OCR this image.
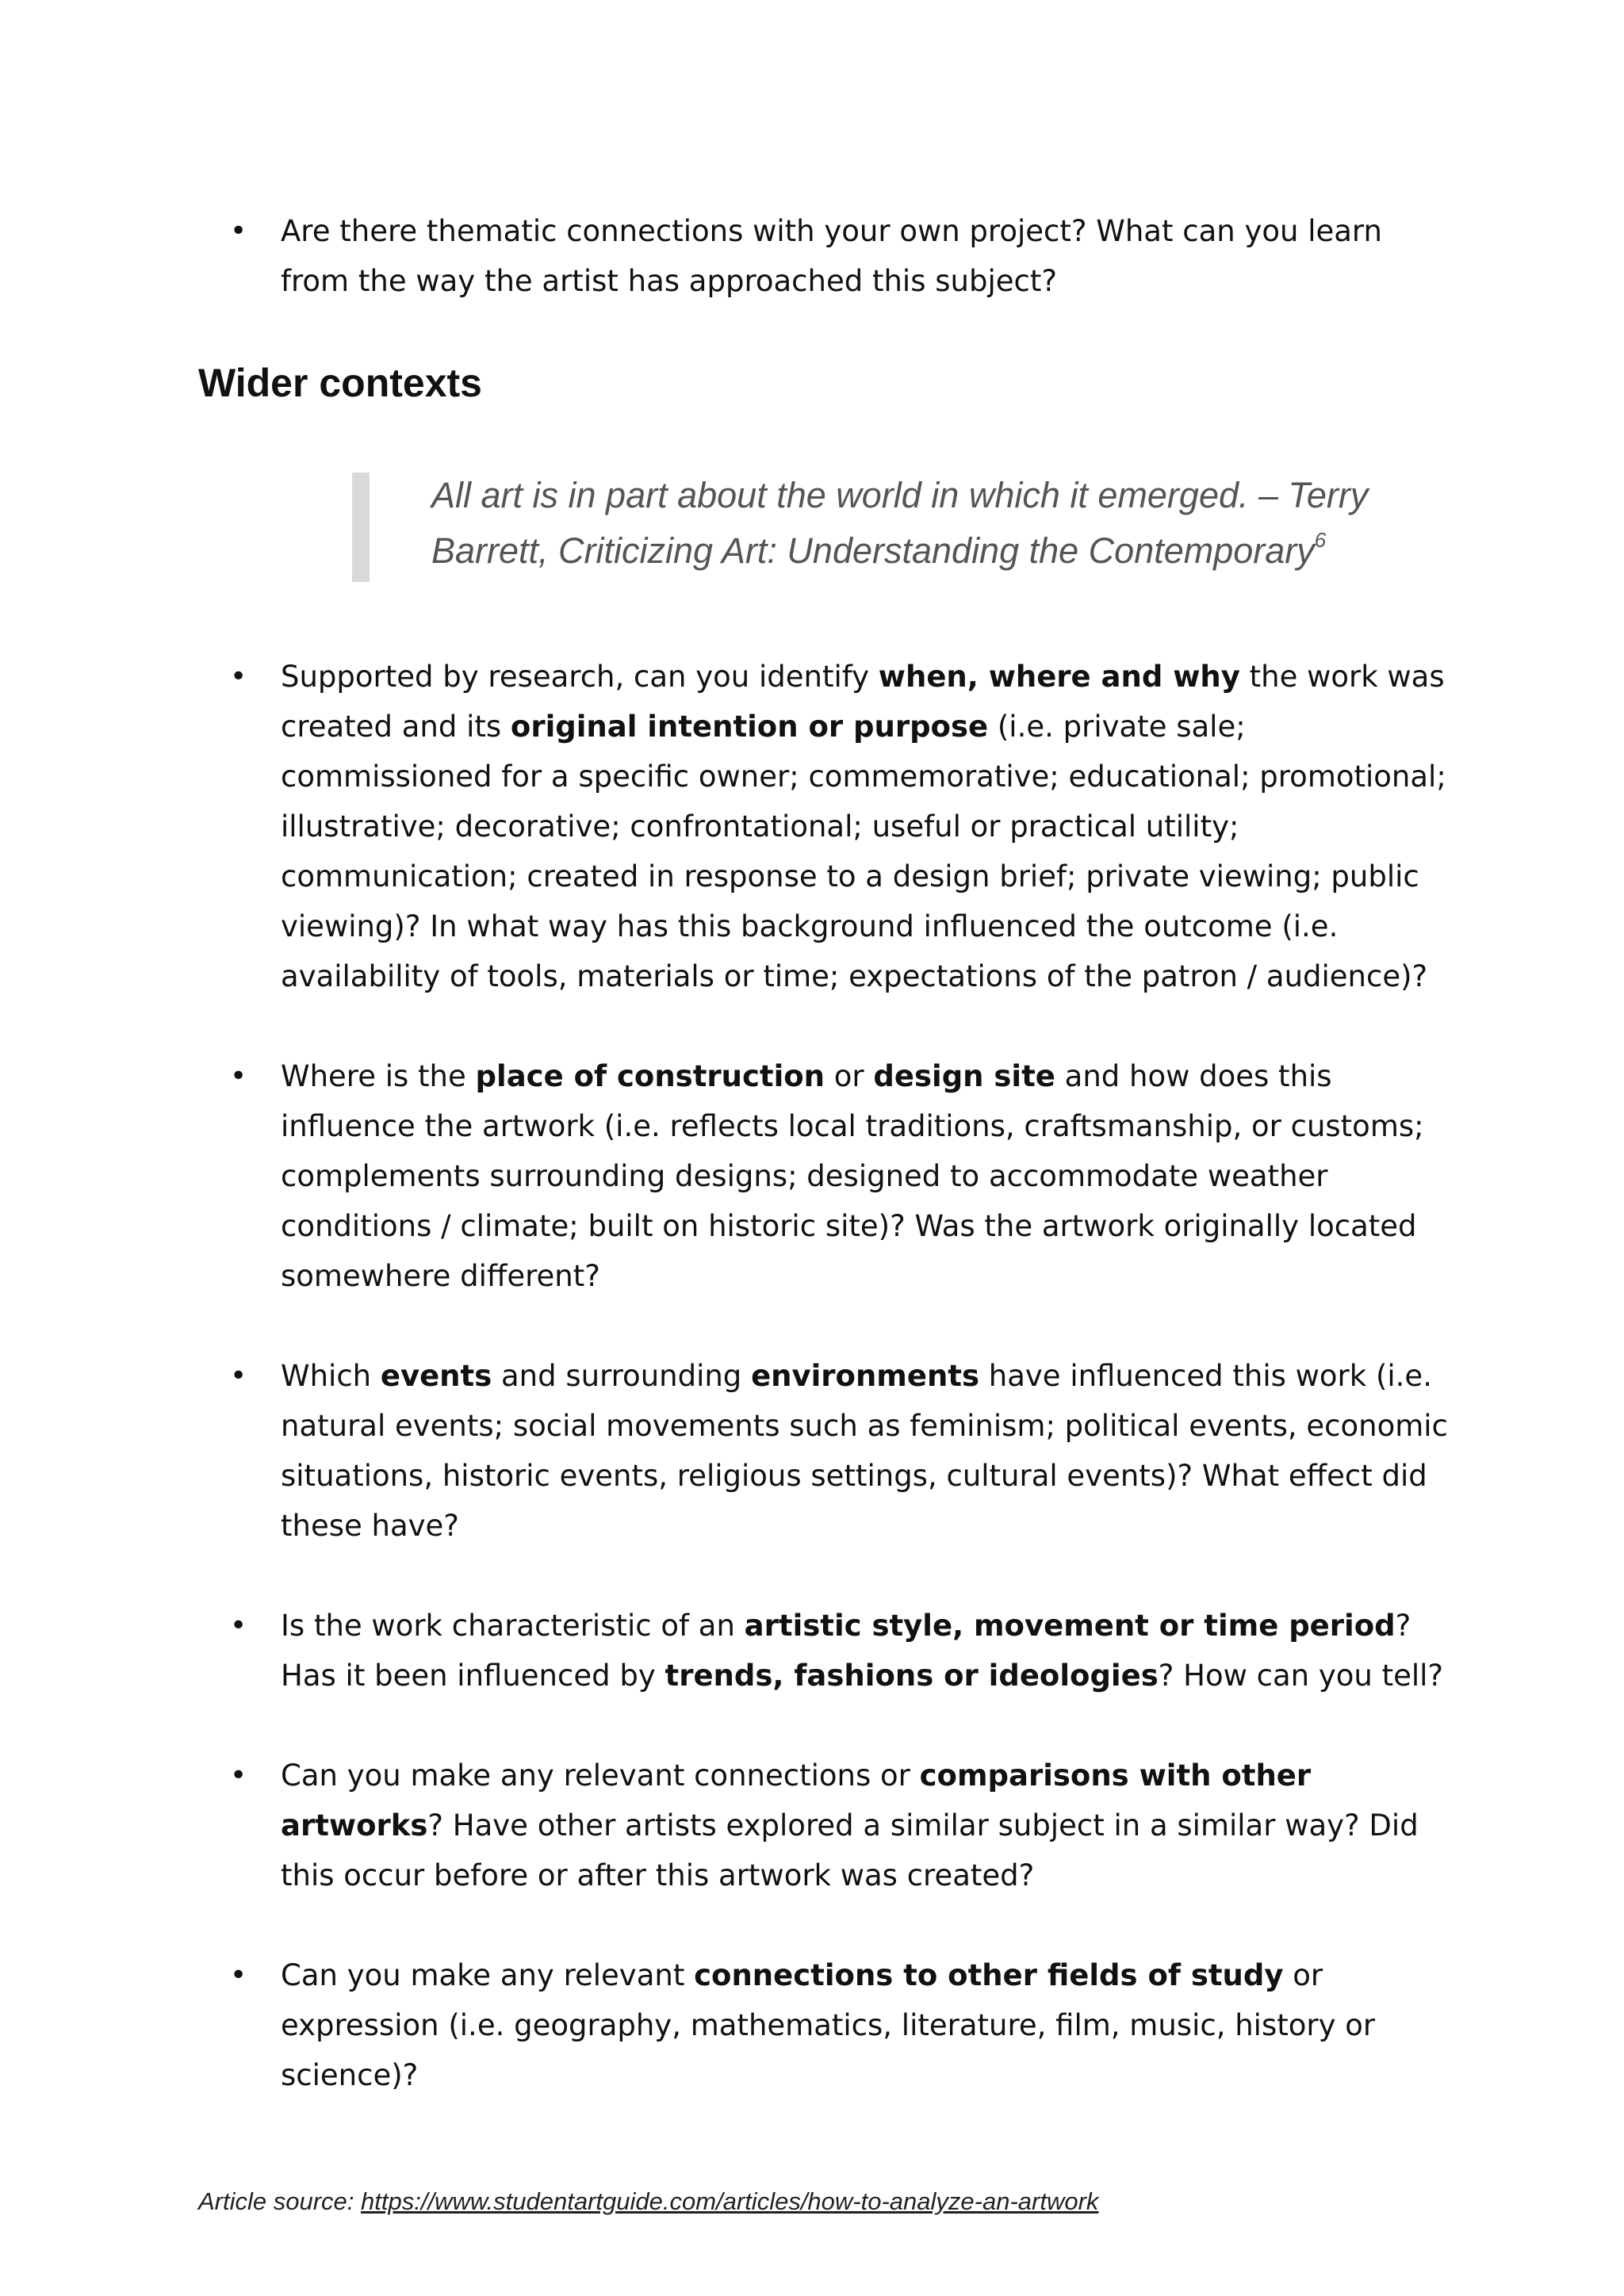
• Are there thematic connections with your own project? What can you learn from the way the artist has approached this subject?
Wider contexts

All art is in part about the world in which it emerged. – Terry Barrett, Criticizing Art: Understanding the Contemporary$^6$

• Supported by research, can you identify when, where and why the work was created and its original intention or purpose (i.e. private sale; commissioned for a specific owner; commemorative; educational; promotional; illustrative; decorative; confrontational; useful or practical utility; communication; created in response to a design brief; private viewing; public viewing)? In what way has this background influenced the outcome (i.e. availability of tools, materials or time; expectations of the patron / audience)?
• Where is the place of construction or design site and how does this influence the artwork (i.e. reflects local traditions, craftsmanship, or customs; complements surrounding designs; designed to accommodate weather conditions / climate; built on historic site)? Was the artwork originally located somewhere different?
• Which events and surrounding environments have influenced this work (i.e. natural events; social movements such as feminism; political events, economic situations, historic events, religious settings, cultural events)? What effect did these have?
• Is the work characteristic of an artistic style, movement or time period? Has it been influenced by trends, fashions or ideologies? How can you tell?
• Can you make any relevant connections or comparisons with other artworks? Have other artists explored a similar subject in a similar way? Did this occur before or after this artwork was created?
• Can you make any relevant connections to other fields of study or expression (i.e. geography, mathematics, literature, film, music, history or science)?

Article source: https://www.studentartguide.com/articles/how-to-analyze-an-artwork
